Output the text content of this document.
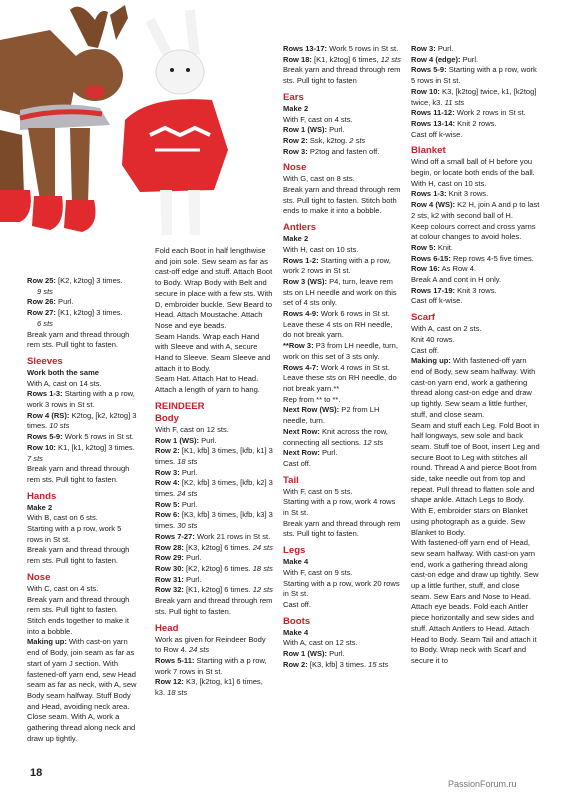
Row 25: [K2, k2tog] 3 times.

9 sts

Row 26: Purl.

Row 27: [K1, k2tog] 3 times.

6 sts

Break yarn and thread through rem sts. Pull tight to fasten.

Sleeves

Work both the same

With A, cast on 14 sts.

Rows 1-3: Starting with a p row, work 3 rows in St st.

Row 4 (RS): K2tog, [k2, k2tog] 3 times. 10 sts

Rows 5-9: Work 5 rows in St st.

Row 10: K1, [k1, k2tog] 3 times. 7 sts

Break yarn and thread through rem sts. Pull tight to fasten.

Hands

Make 2

With B, cast on 6 sts.

Starting with a p row, work 5 rows in St st.

Break yarn and thread through rem sts. Pull tight to fasten.

Nose

With C, cast on 4 sts.

Break yarn and thread through rem sts. Pull tight to fasten. Stitch ends together to make it into a bobble.

Making up: With cast-on yarn end of Body, join seam as far as start of yarn J section. With fastened-off yarn end, sew Head seam as far as neck, with A, sew Body seam halfway. Stuff Body and Head, avoiding neck area. Close seam. With A, work a gathering thread along neck and draw up tightly.

Fold each Boot in half lengthwise and join sole. Sew seam as far as cast-off edge and stuff. Attach Boot to Body. Wrap Body with Belt and secure in place with a few sts. With D, embroider buckle. Sew Beard to Head. Attach Moustache. Attach Nose and eye beads.

Seam Hands. Wrap each Hand with Sleeve and with A, secure Hand to Sleeve. Seam Sleeve and attach it to Body.

Seam Hat. Attach Hat to Head. Attach a length of yarn to hang.

REINDEER

Body

With F, cast on 12 sts.

Row 1 (WS): Purl.

Row 2: [K1, kfb] 3 times, [kfb, k1] 3 times. 18 sts

Row 3: Purl.

Row 4: [K2, kfb] 3 times, [kfb, k2] 3 times. 24 sts

Row 5: Purl.

Row 6: [K3, kfb] 3 times, [kfb, k3] 3 times. 30 sts

Rows 7-27: Work 21 rows in St st.

Row 28: [K3, k2tog] 6 times. 24 sts

Row 29: Purl.

Row 30: [K2, k2tog] 6 times. 18 sts

Row 31: Purl.

Row 32: [K1, k2tog] 6 times. 12 sts

Break yarn and thread through rem sts. Pull tight to fasten.

Head

Work as given for Reindeer Body to Row 4. 24 sts

Rows 5-11: Starting with a p row, work 7 rows in St st.

Row 12: K3, [k2tog, k1] 6 times, k3. 18 sts

Rows 13-17: Work 5 rows in St st.

Row 18: [K1, k2tog] 6 times, 12 sts

Break yarn and thread through rem sts. Pull tight to fasten

Ears

Make 2

With F, cast on 4 sts.

Row 1 (WS): Purl.

Row 2: Ssk, k2tog. 2 sts

Row 3: P2tog and fasten off.

Nose

With G, cast on 8 sts.

Break yarn and thread through rem sts. Pull tight to fasten. Stitch both ends to make it into a bobble.

Antlers

Make 2

With H, cast on 10 sts.

Rows 1-2: Starting with a p row, work 2 rows in St st.

Row 3 (WS): P4, turn, leave rem sts on LH needle and work on this set of 4 sts only.

Rows 4-9: Work 6 rows in St st. Leave these 4 sts on RH needle, do not break yarn.

**Row 3: P3 from LH needle, turn, work on this set of 3 sts only.

Rows 4-7: Work 4 rows in St st. Leave these sts on RH needle, do not break yarn.**

Rep from ** to **.

Next Row (WS): P2 from LH needle, turn.

Next Row: Knit across the row, connecting all sections. 12 sts

Next Row: Purl.

Cast off.

Tail

With F, cast on 5 sts.

Starting with a p row, work 4 rows in St st.

Break yarn and thread through rem sts. Pull tight to fasten.

Legs

Make 4

With F, cast on 9 sts.

Starting with a p row, work 20 rows in St st.

Cast off.

Boots

Make 4

With A, cast on 12 sts.

Row 1 (WS): Purl.

Row 2: [K3, kfb] 3 times. 15 sts

Row 3: Purl.

Row 4 (edge): Purl.

Rows 5-9: Starting with a p row, work 5 rows in St st.

Row 10: K3, [k2tog] twice, k1, [k2tog] twice, k3. 11 sts

Rows 11-12: Work 2 rows in St st.

Rows 13-14: Knit 2 rows.

Cast off k-wise.

Blanket

Wind off a small ball of H before you begin, or locate both ends of the ball.

With H, cast on 10 sts.

Rows 1-3: Knit 3 rows.

Row 4 (WS): K2 H, join A and p to last 2 sts, k2 with second ball of H.

Keep colours correct and cross yarns at colour changes to avoid holes.

Row 5: Knit.

Rows 6-15: Rep rows 4-5 five times.

Row 16: As Row 4.

Break A and cont in H only.

Rows 17-19: Knit 3 rows.

Cast off k-wise.

Scarf

With A, cast on 2 sts.

Knit 40 rows.

Cast off.

Making up: With fastened-off yarn end of Body, sew seam halfway. With cast-on yarn end, work a gathering thread along cast-on edge and draw up tightly. Sew seam a little further, stuff, and close seam.

Seam and stuff each Leg. Fold Boot in half longways, sew sole and back seam. Stuff toe of Boot, insert Leg and secure Boot to Leg with stitches all round. Thread A and pierce Boot from side, take needle out from top and repeat. Pull thread to flatten sole and shape ankle. Attach Legs to Body. With E, embroider stars on Blanket using photograph as a guide. Sew Blanket to Body.

With fastened-off yarn end of Head, sew seam halfway. With cast-on yarn end, work a gathering thread along cast-on edge and draw up tightly. Sew up a little further, stuff, and close seam. Sew Ears and Nose to Head. Attach eye beads. Fold each Antler piece horizontally and sew sides and stuff. Attach Antlers to Head. Attach Head to Body. Seam Tail and attach it to Body. Wrap neck with Scarf and secure it to

18
PassionForum.ru
